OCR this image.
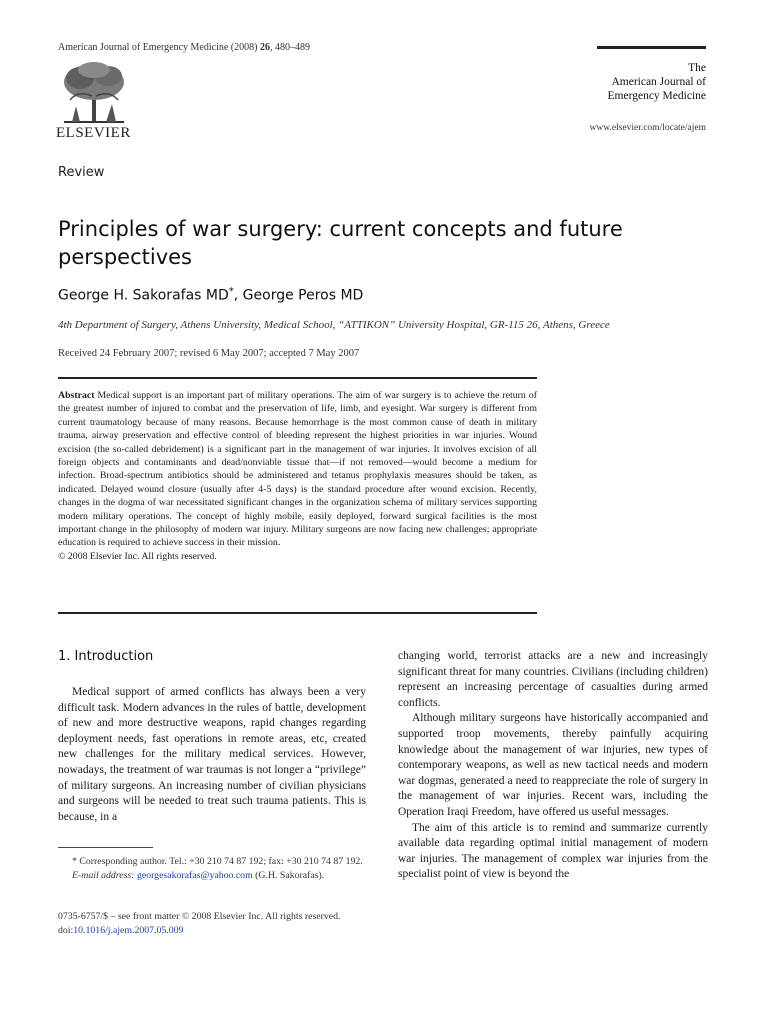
American Journal of Emergency Medicine (2008) 26, 480–489
ELSEVIER
The
American Journal of
Emergency Medicine
www.elsevier.com/locate/ajem
Review
Principles of war surgery: current concepts and future perspectives
George H. Sakorafas MD*, George Peros MD
4th Department of Surgery, Athens University, Medical School, “ATTIKON” University Hospital, GR-115 26, Athens, Greece
Received 24 February 2007; revised 6 May 2007; accepted 7 May 2007
Abstract Medical support is an important part of military operations. The aim of war surgery is to achieve the return of the greatest number of injured to combat and the preservation of life, limb, and eyesight. War surgery is different from current traumatology because of many reasons. Because hemorrhage is the most common cause of death in military trauma, airway preservation and effective control of bleeding represent the highest priorities in war injuries. Wound excision (the so-called debridement) is a significant part in the management of war injuries. It involves excision of all foreign objects and contaminants and dead/nonviable tissue that—if not removed—would become a medium for infection. Broad-spectrum antibiotics should be administered and tetanus prophylaxis measures should be taken, as indicated. Delayed wound closure (usually after 4-5 days) is the standard procedure after wound excision. Recently, changes in the dogma of war necessitated significant changes in the organization schema of military services supporting modern military operations. The concept of highly mobile, easily deployed, forward surgical facilities is the most important change in the philosophy of modern war injury. Military surgeons are now facing new challenges; appropriate education is required to achieve success in their mission.
© 2008 Elsevier Inc. All rights reserved.
1. Introduction

Medical support of armed conflicts has always been a very difficult task. Modern advances in the rules of battle, development of new and more destructive weapons, rapid changes regarding deployment needs, fast operations in remote areas, etc, created new challenges for the military medical services. However, nowadays, the treatment of war traumas is not longer a “privilege” of military surgeons. An increasing number of civilian physicians and surgeons will be needed to treat such trauma patients. This is because, in a

changing world, terrorist attacks are a new and increasingly significant threat for many countries. Civilians (including children) represent an increasing percentage of casualties during armed conflicts.

Although military surgeons have historically accompanied and supported troop movements, thereby painfully acquiring knowledge about the management of war injuries, new types of contemporary weapons, as well as new tactical needs and modern war dogmas, generated a need to reappreciate the role of surgery in the management of war injuries. Recent wars, including the Operation Iraqi Freedom, have offered us useful messages.

The aim of this article is to remind and summarize currently available data regarding optimal initial management of modern war injuries. The management of complex war injuries from the specialist point of view is beyond the

* Corresponding author. Tel.: +30 210 74 87 192; fax: +30 210 74 87 192.
E-mail address: georgesakorafas@yahoo.com (G.H. Sakorafas).
0735-6757/$ – see front matter © 2008 Elsevier Inc. All rights reserved.
doi:10.1016/j.ajem.2007.05.009
